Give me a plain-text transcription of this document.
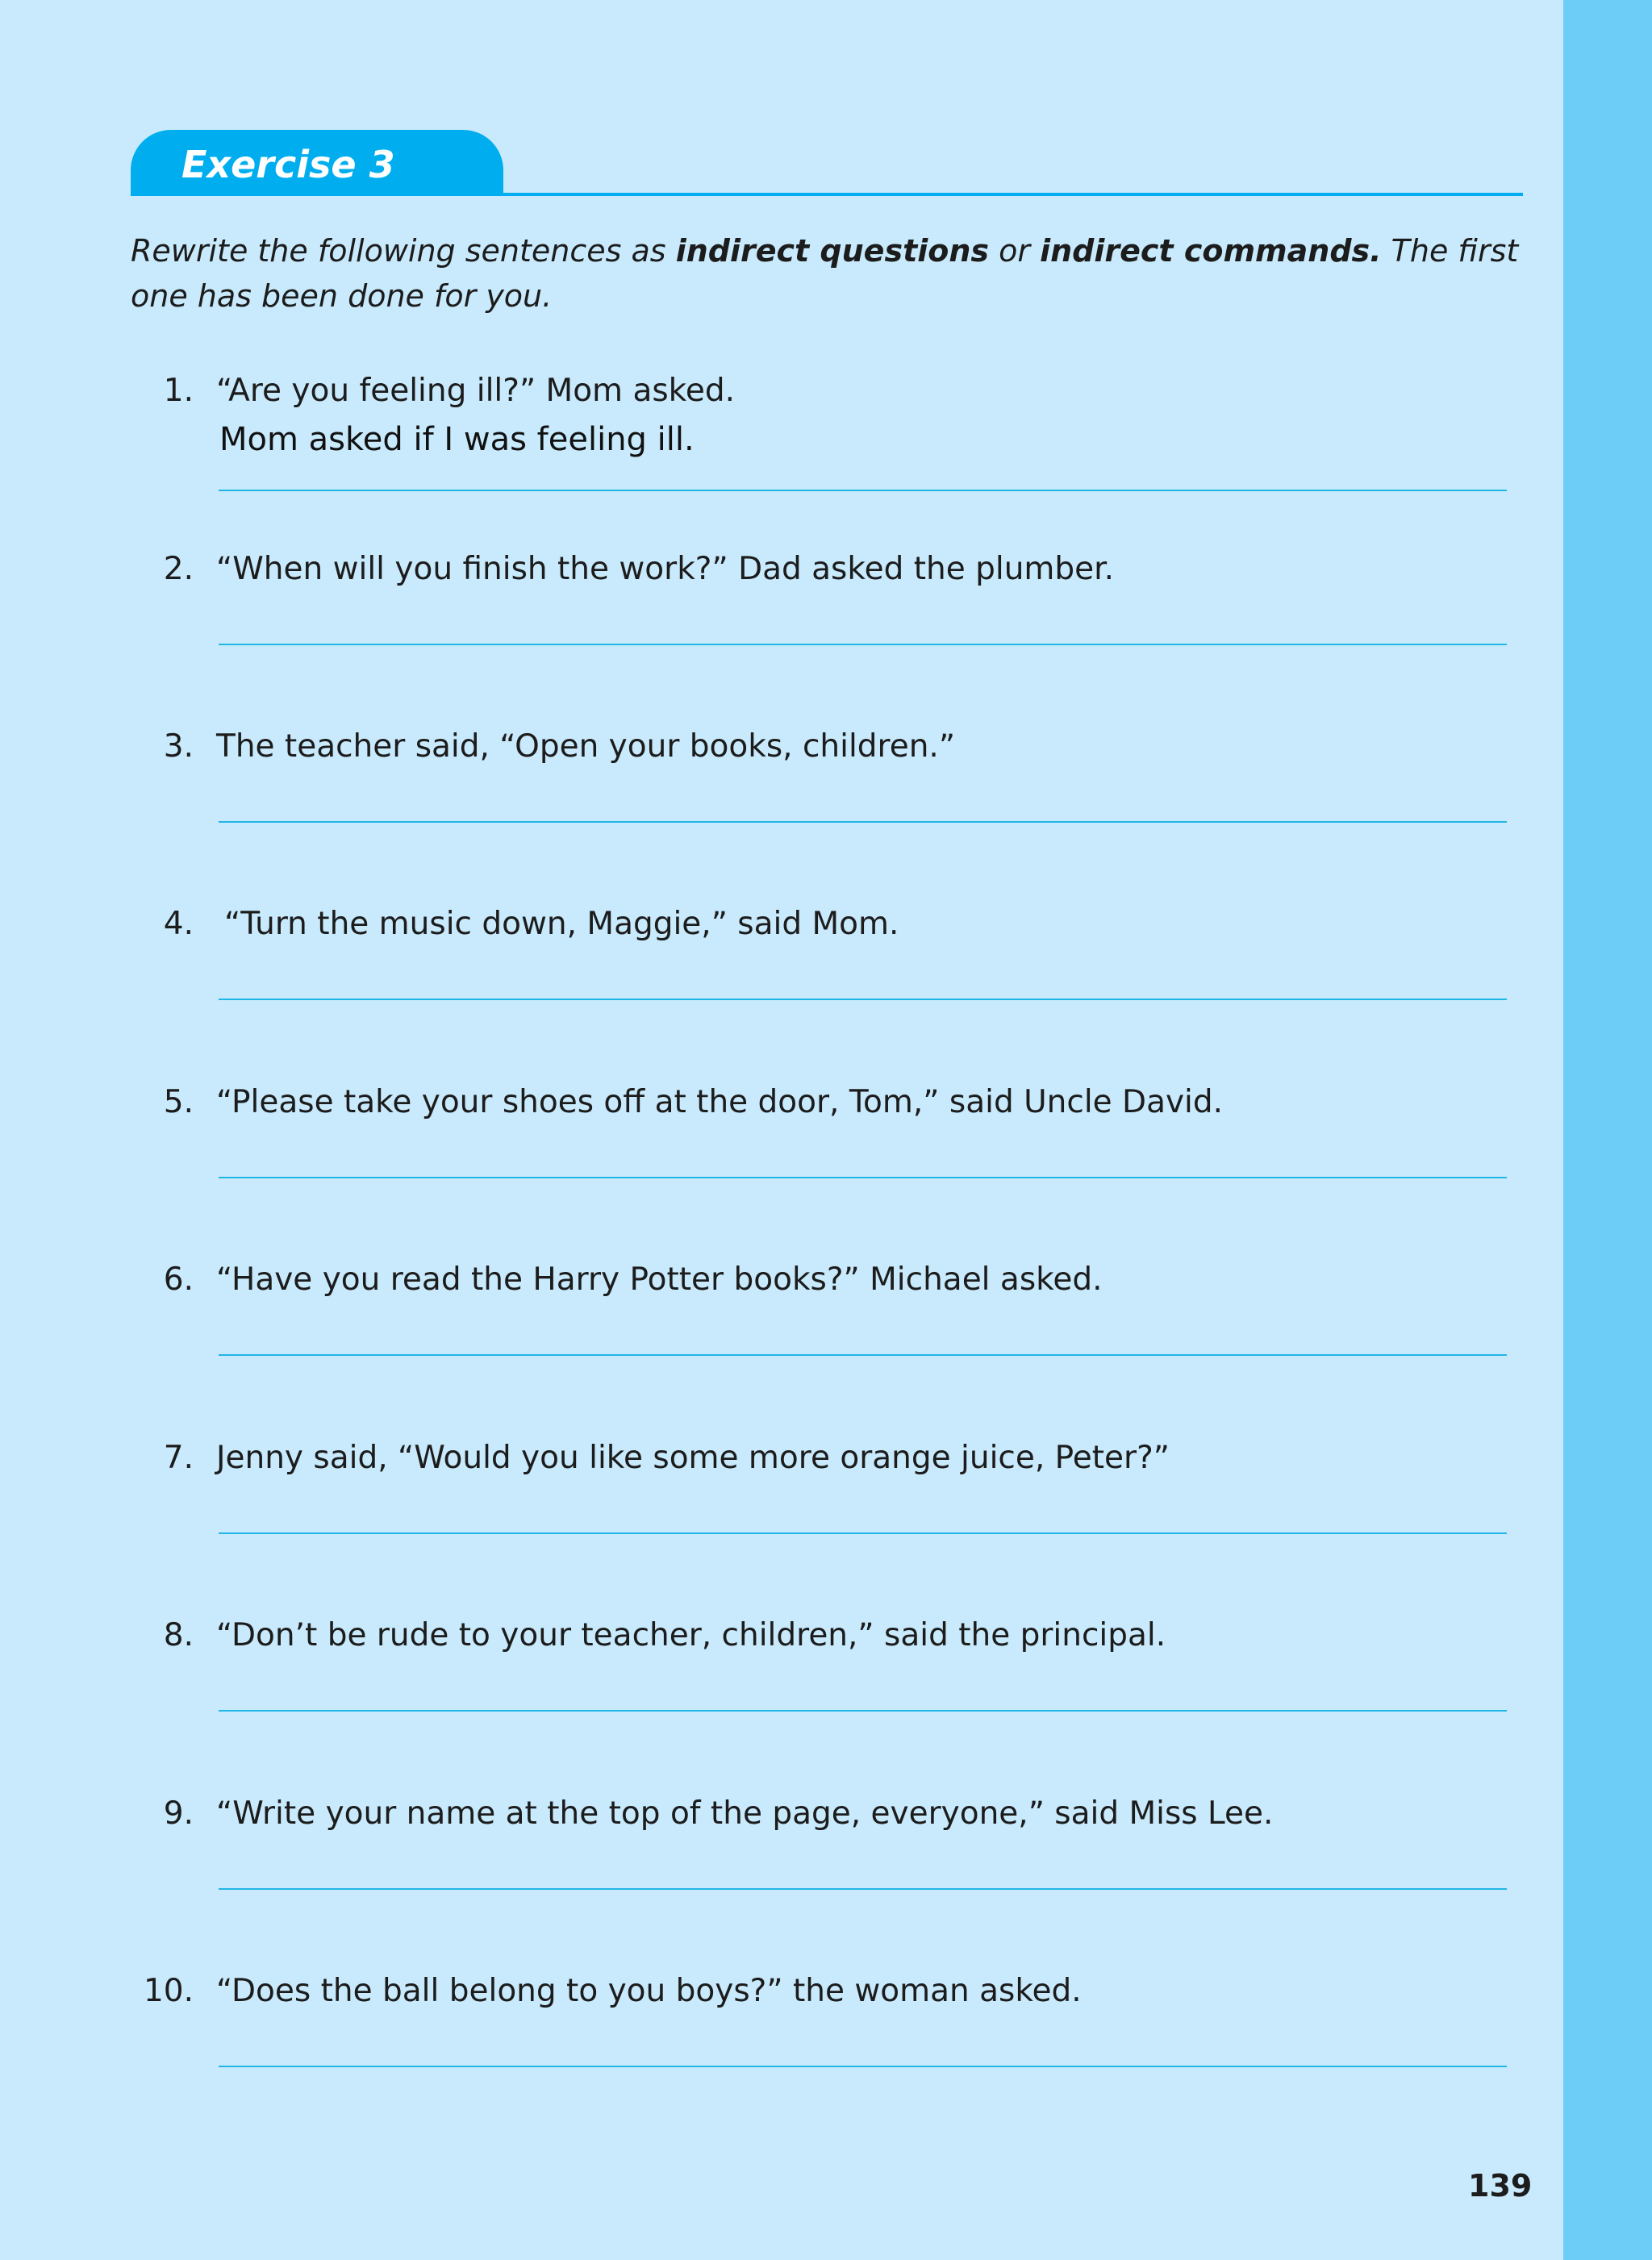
Exercise 3
Rewrite the following sentences as indirect questions or indirect commands. The first one has been done for you.
1. “Are you feeling ill?” Mom asked.
Mom asked if I was feeling ill.
2. “When will you finish the work?” Dad asked the plumber.
3. The teacher said, “Open your books, children.”
4. “Turn the music down, Maggie,” said Mom.
5. “Please take your shoes off at the door, Tom,” said Uncle David.
6. “Have you read the Harry Potter books?” Michael asked.
7. Jenny said, “Would you like some more orange juice, Peter?”
8. “Don’t be rude to your teacher, children,” said the principal.
9. “Write your name at the top of the page, everyone,” said Miss Lee.
10. “Does the ball belong to you boys?” the woman asked.
139
